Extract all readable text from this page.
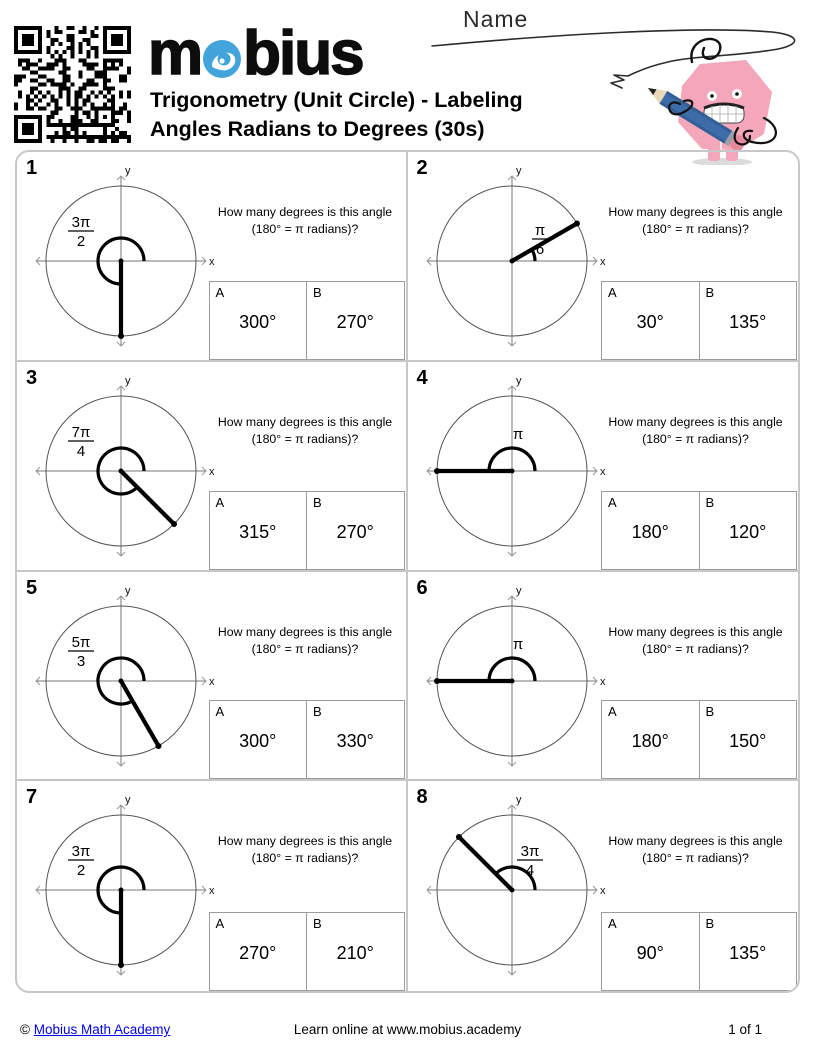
m bius
Trigonometry (Unit Circle) - Labeling
Angles Radians to Degrees (30s)
Name
1
x
y
3π
2
How many degrees is this angle
(180° = π radians)?
A
300°
B
270°
2
x
y
π
6
How many degrees is this angle
(180° = π radians)?
A
30°
B
135°
3
x
y
7π
4
How many degrees is this angle
(180° = π radians)?
A
315°
B
270°
4
x
y
π
How many degrees is this angle
(180° = π radians)?
A
180°
B
120°
5
x
y
5π
3
How many degrees is this angle
(180° = π radians)?
A
300°
B
330°
6
x
y
π
How many degrees is this angle
(180° = π radians)?
A
180°
B
150°
7
x
y
3π
2
How many degrees is this angle
(180° = π radians)?
A
270°
B
210°
8
x
y
3π
4
How many degrees is this angle
(180° = π radians)?
A
90°
B
135°
© Mobius Math Academy	Learn online at www.mobius.academy	1 of 1
